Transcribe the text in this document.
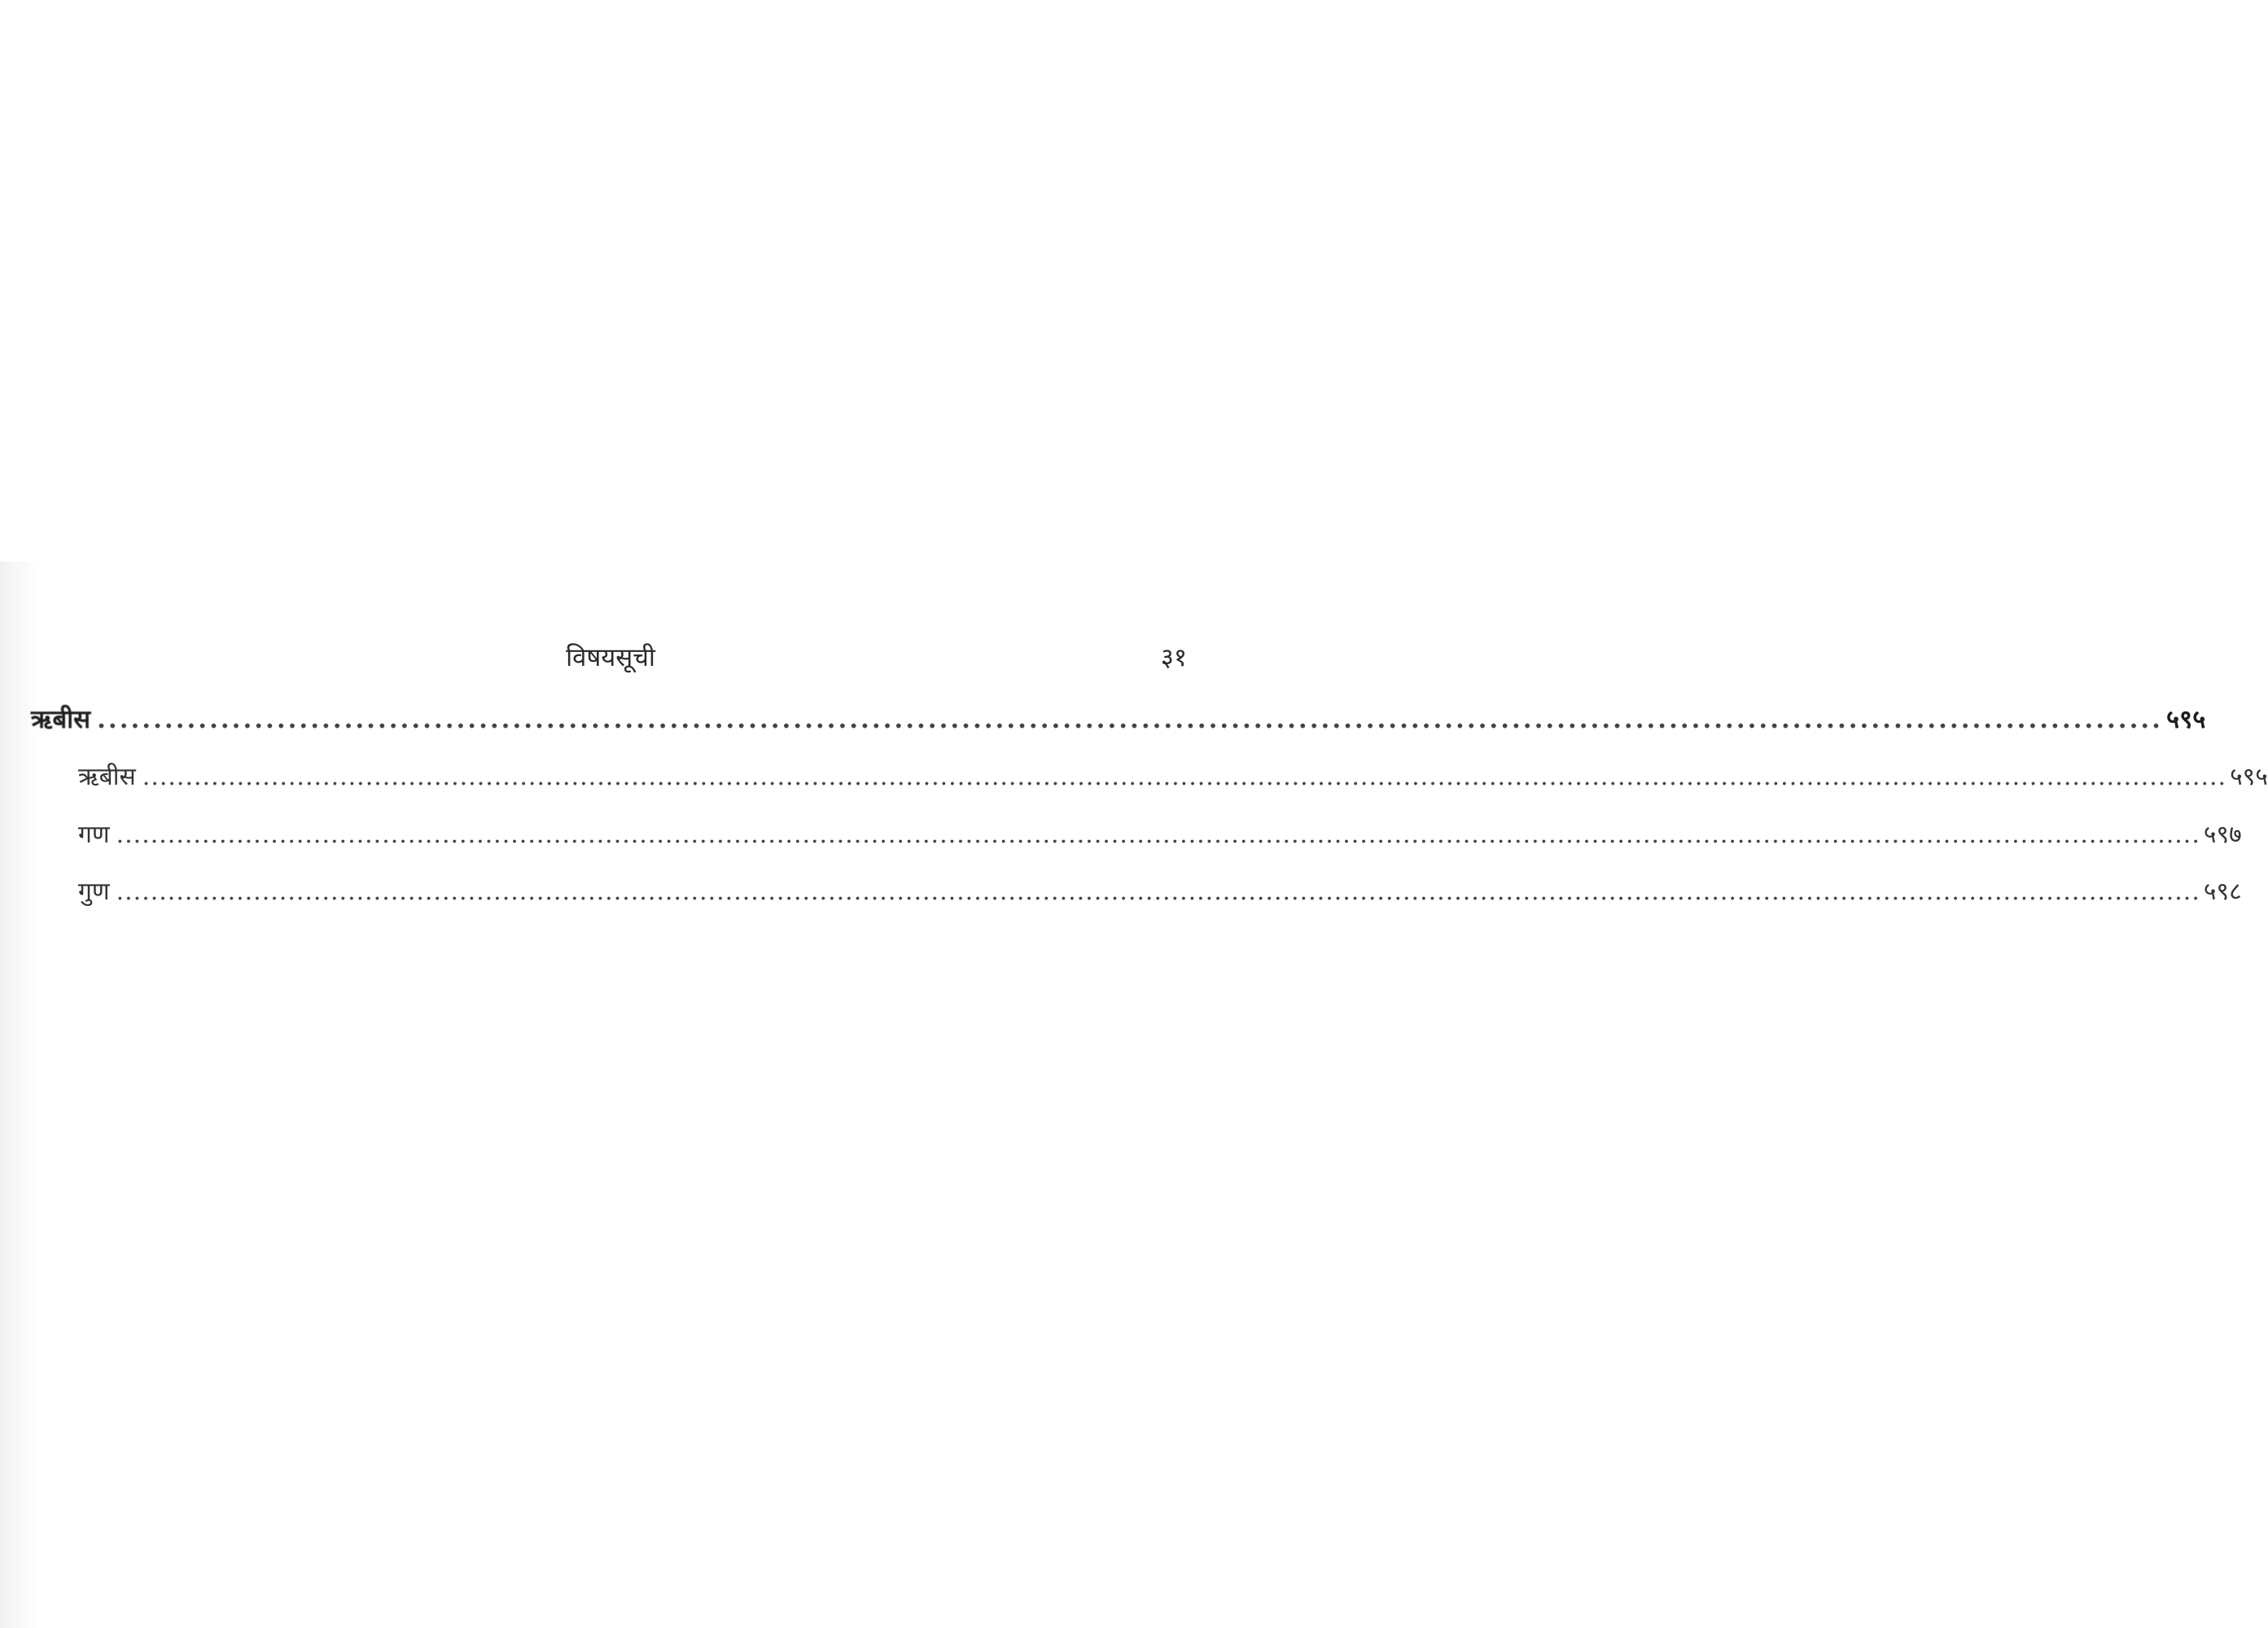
विषयसूची	३१
ऋबीस ........................................................................................................................................................................................ ५९५
ऋबीस ................................................................................................................................................................................................................................................... ५९५
गण ................................................................................................................................................................................................................................................... ५९७
गुण ................................................................................................................................................................................................................................................... ५९८
